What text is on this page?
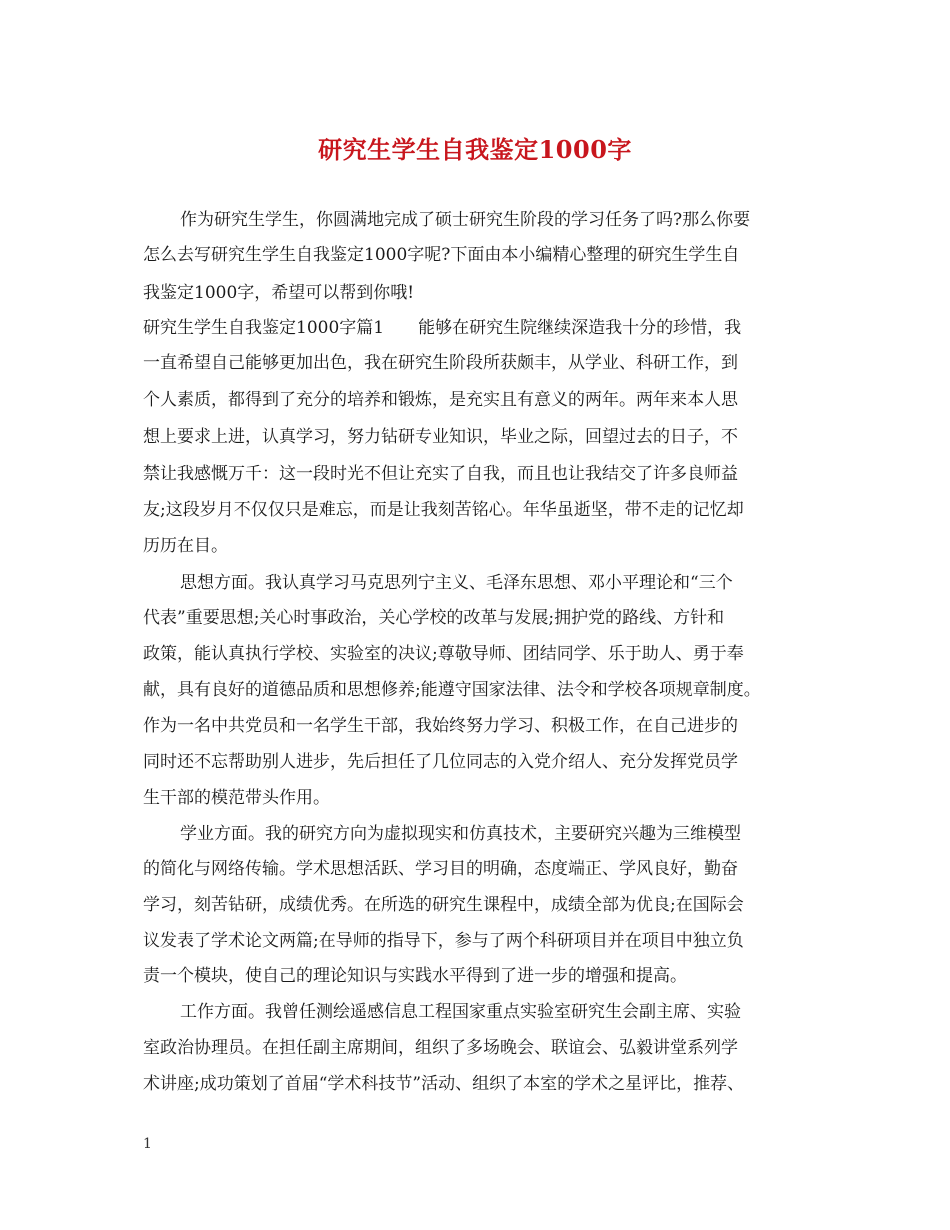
研究生学生自我鉴定1000字
作为研究生学生，你圆满地完成了硕士研究生阶段的学习任务了吗?那么你要
怎么去写研究生学生自我鉴定1000字呢?下面由本小编精心整理的研究生学生自
我鉴定1000字，希望可以帮到你哦!
研究生学生自我鉴定1000字篇1　　能够在研究生院继续深造我十分的珍惜，我
一直希望自己能够更加出色，我在研究生阶段所获颇丰，从学业、科研工作，到
个人素质，都得到了充分的培养和锻炼，是充实且有意义的两年。两年来本人思
想上要求上进，认真学习，努力钻研专业知识，毕业之际，回望过去的日子，不
禁让我感慨万千：这一段时光不但让充实了自我，而且也让我结交了许多良师益
友;这段岁月不仅仅只是难忘，而是让我刻苦铭心。年华虽逝坚，带不走的记忆却
历历在目。
思想方面。我认真学习马克思列宁主义、毛泽东思想、邓小平理论和“三个
代表”重要思想;关心时事政治，关心学校的改革与发展;拥护党的路线、方针和
政策，能认真执行学校、实验室的决议;尊敬导师、团结同学、乐于助人、勇于奉
献，具有良好的道德品质和思想修养;能遵守国家法律、法令和学校各项规章制度。
作为一名中共党员和一名学生干部，我始终努力学习、积极工作，在自己进步的
同时还不忘帮助别人进步，先后担任了几位同志的入党介绍人、充分发挥党员学
生干部的模范带头作用。
学业方面。我的研究方向为虚拟现实和仿真技术，主要研究兴趣为三维模型
的简化与网络传输。学术思想活跃、学习目的明确，态度端正、学风良好，勤奋
学习，刻苦钻研，成绩优秀。在所选的研究生课程中，成绩全部为优良;在国际会
议发表了学术论文两篇;在导师的指导下，参与了两个科研项目并在项目中独立负
责一个模块，使自己的理论知识与实践水平得到了进一步的增强和提高。
工作方面。我曾任测绘遥感信息工程国家重点实验室研究生会副主席、实验
室政治协理员。在担任副主席期间，组织了多场晚会、联谊会、弘毅讲堂系列学
术讲座;成功策划了首届“学术科技节”活动、组织了本室的学术之星评比，推荐、
1
